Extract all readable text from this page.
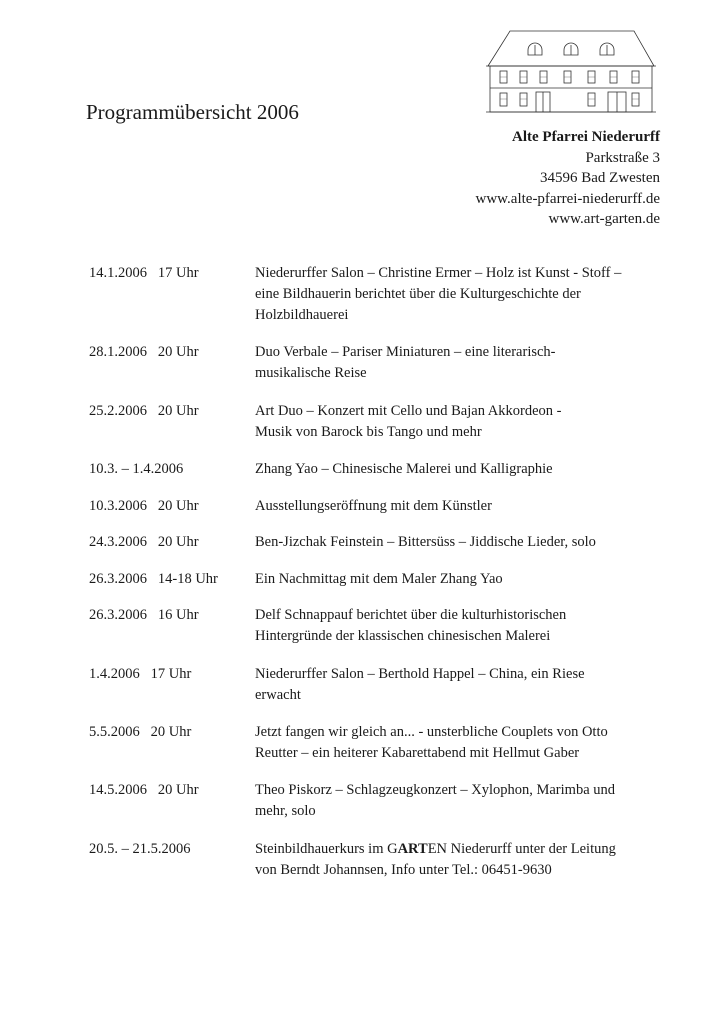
Programmübersicht 2006
Alte Pfarrei Niederurff
Parkstraße 3
34596 Bad Zwesten
www.alte-pfarrei-niederurff.de
www.art-garten.de
14.1.2006   17 Uhr	Niederurffer Salon – Christine Ermer – Holz ist Kunst - Stoff –
eine Bildhauerin berichtet über die Kulturgeschichte der
Holzbildhauerei
28.1.2006   20 Uhr	Duo Verbale – Pariser Miniaturen – eine literarisch-
musikalische Reise
25.2.2006   20 Uhr	Art Duo – Konzert mit Cello und Bajan Akkordeon -
Musik von Barock bis Tango und mehr
10.3. – 1.4.2006	Zhang Yao – Chinesische Malerei und Kalligraphie
10.3.2006   20 Uhr	Ausstellungseröffnung mit dem Künstler
24.3.2006   20 Uhr	Ben-Jizchak Feinstein – Bittersüss – Jiddische Lieder, solo
26.3.2006   14-18 Uhr	Ein Nachmittag mit dem Maler Zhang Yao
26.3.2006   16 Uhr	Delf Schnappauf berichtet über die kulturhistorischen
Hintergründe der klassischen chinesischen Malerei
1.4.2006   17 Uhr	Niederurffer Salon – Berthold Happel – China, ein Riese
erwacht
5.5.2006   20 Uhr	Jetzt fangen wir gleich an... - unsterbliche Couplets von Otto
Reutter – ein heiterer Kabarettabend mit Hellmut Gaber
14.5.2006   20 Uhr	Theo Piskorz – Schlagzeugkonzert – Xylophon, Marimba und
mehr, solo
20.5. – 21.5.2006	Steinbildhauerkurs im GARTEN Niederurff unter der Leitung
von Berndt Johannsen, Info unter Tel.: 06451-9630
